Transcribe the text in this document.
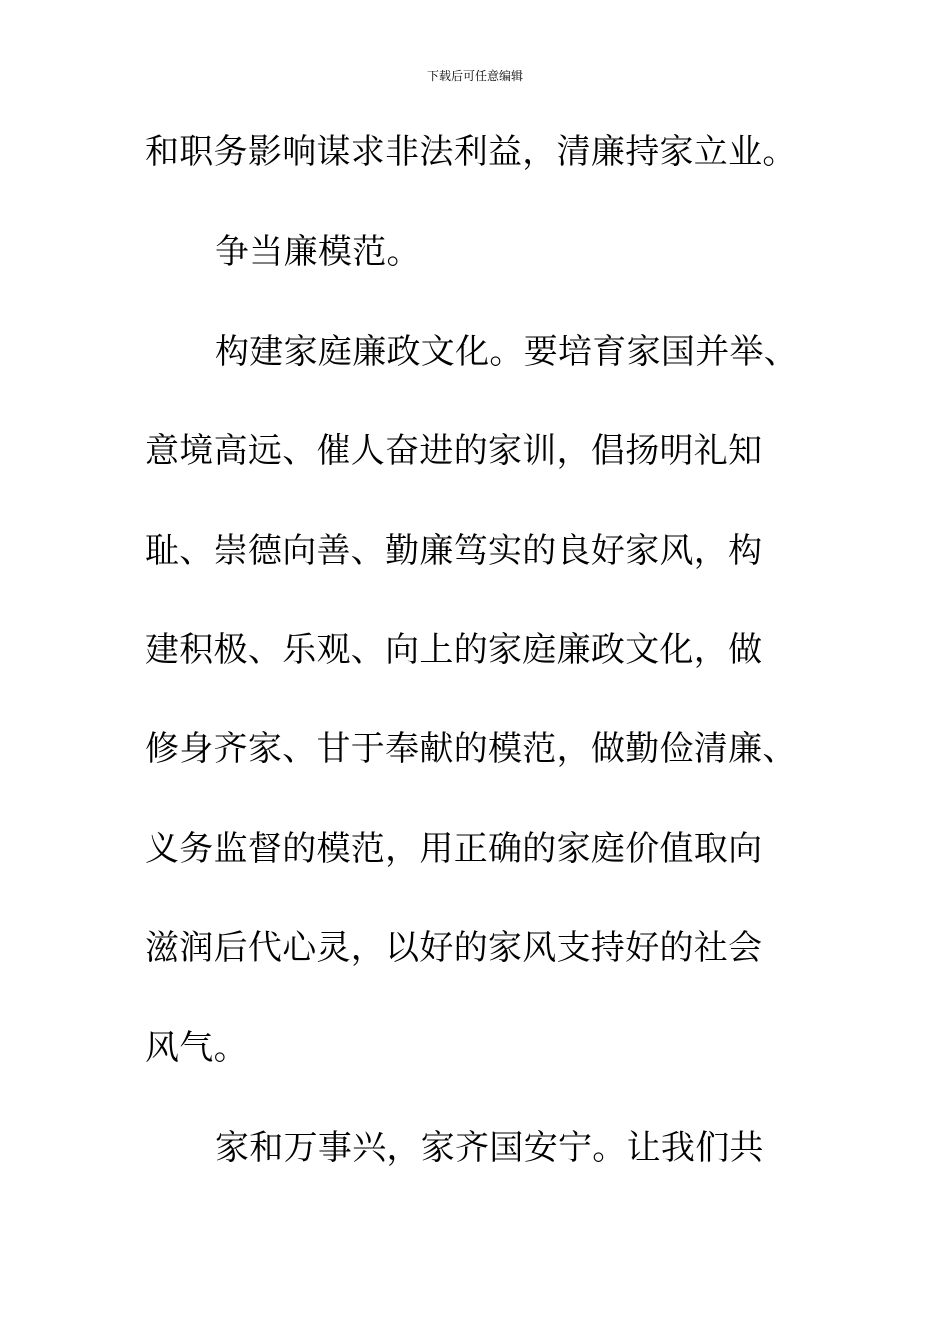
下载后可任意编辑
和职务影响谋求非法利益，清廉持家立业。
争当廉模范。
构建家庭廉政文化。要培育家国并举、
意境高远、催人奋进的家训，倡扬明礼知
耻、崇德向善、勤廉笃实的良好家风，构
建积极、乐观、向上的家庭廉政文化，做
修身齐家、甘于奉献的模范，做勤俭清廉、
义务监督的模范，用正确的家庭价值取向
滋润后代心灵，以好的家风支持好的社会
风气。
家和万事兴，家齐国安宁。让我们共
